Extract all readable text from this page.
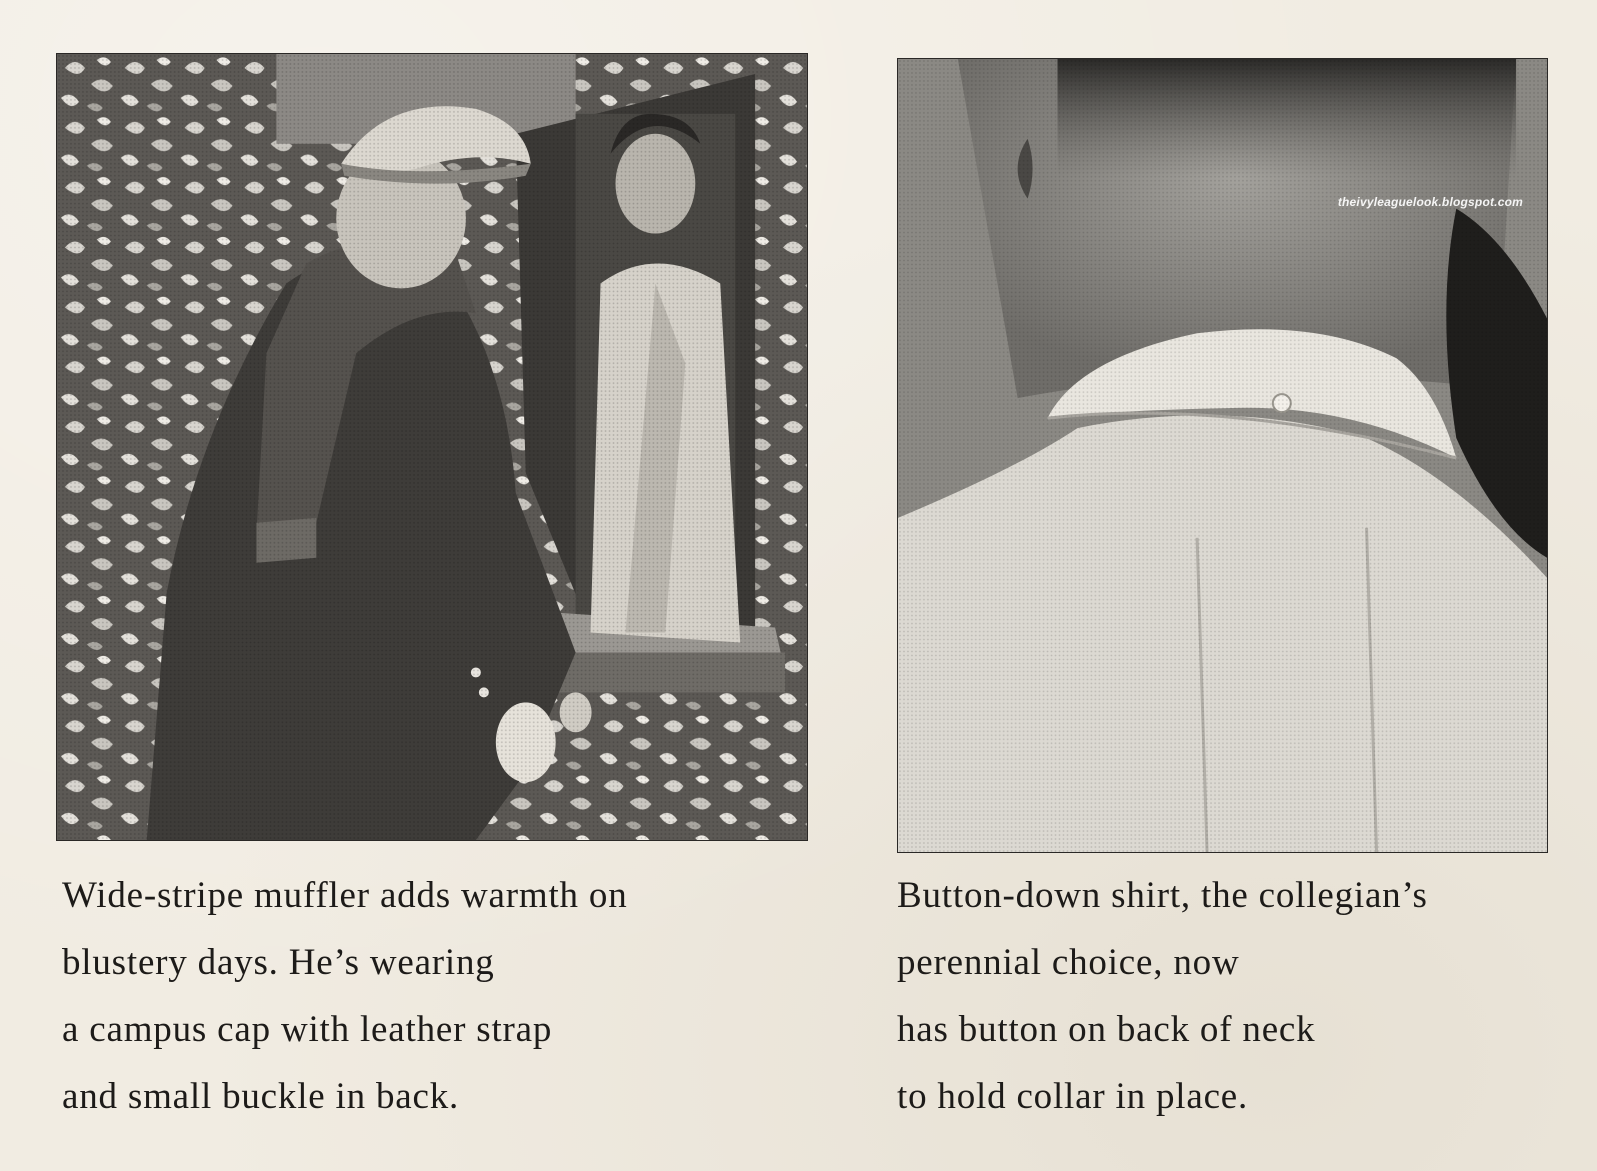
theivyleaguelook.blogspot.com
Wide-stripe muffler adds warmth on
blustery days. He’s wearing
a campus cap with leather strap
and small buckle in back.
Button-down shirt, the collegian’s
perennial choice, now
has button on back of neck
to hold collar in place.
